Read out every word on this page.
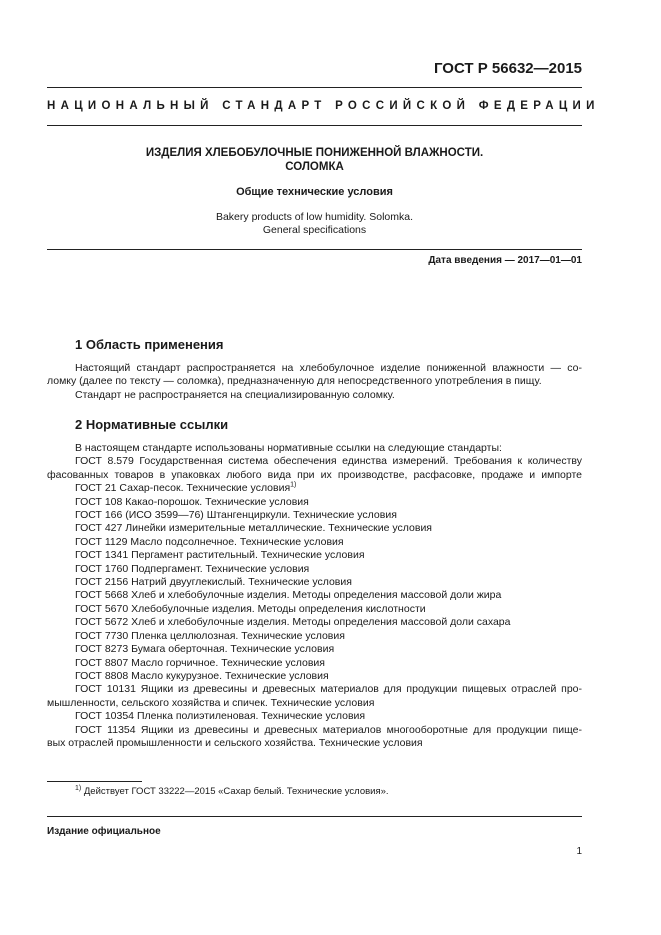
ГОСТ Р 56632—2015
НАЦИОНАЛЬНЫЙ СТАНДАРТ РОССИЙСКОЙ ФЕДЕРАЦИИ
ИЗДЕЛИЯ ХЛЕБОБУЛОЧНЫЕ ПОНИЖЕННОЙ ВЛАЖНОСТИ.
СОЛОМКА
Общие технические условия
Bakery products of low humidity. Solomka.
General specifications
Дата введения — 2017—01—01
1 Область применения
Настоящий стандарт распространяется на хлебобулочное изделие пониженной влажности — со-
ломку (далее по тексту — соломка), предназначенную для непосредственного употребления в пищу.
Стандарт не распространяется на специализированную соломку.
2 Нормативные ссылки
В настоящем стандарте использованы нормативные ссылки на следующие стандарты:
ГОСТ 8.579 Государственная система обеспечения единства измерений. Требования к количеству
фасованных товаров в упаковках любого вида при их производстве, расфасовке, продаже и импорте
ГОСТ 21 Сахар-песок. Технические условия$^{1)}$
ГОСТ 108 Какао-порошок. Технические условия
ГОСТ 166 (ИСО 3599—76) Штангенциркули. Технические условия
ГОСТ 427 Линейки измерительные металлические. Технические условия
ГОСТ 1129 Масло подсолнечное. Технические условия
ГОСТ 1341 Пергамент растительный. Технические условия
ГОСТ 1760 Подпергамент. Технические условия
ГОСТ 2156 Натрий двууглекислый. Технические условия
ГОСТ 5668 Хлеб и хлебобулочные изделия. Методы определения массовой доли жира
ГОСТ 5670 Хлебобулочные изделия. Методы определения кислотности
ГОСТ 5672 Хлеб и хлебобулочные изделия. Методы определения массовой доли сахара
ГОСТ 7730 Пленка целлюлозная. Технические условия
ГОСТ 8273 Бумага оберточная. Технические условия
ГОСТ 8807 Масло горчичное. Технические условия
ГОСТ 8808 Масло кукурузное. Технические условия
ГОСТ 10131 Ящики из древесины и древесных материалов для продукции пищевых отраслей про-
мышленности, сельского хозяйства и спичек. Технические условия
ГОСТ 10354 Пленка полиэтиленовая. Технические условия
ГОСТ 11354 Ящики из древесины и древесных материалов многооборотные для продукции пище-
вых отраслей промышленности и сельского хозяйства. Технические условия
$^{1)}$ Действует ГОСТ 33222—2015 «Сахар белый. Технические условия».
Издание официальное
1
